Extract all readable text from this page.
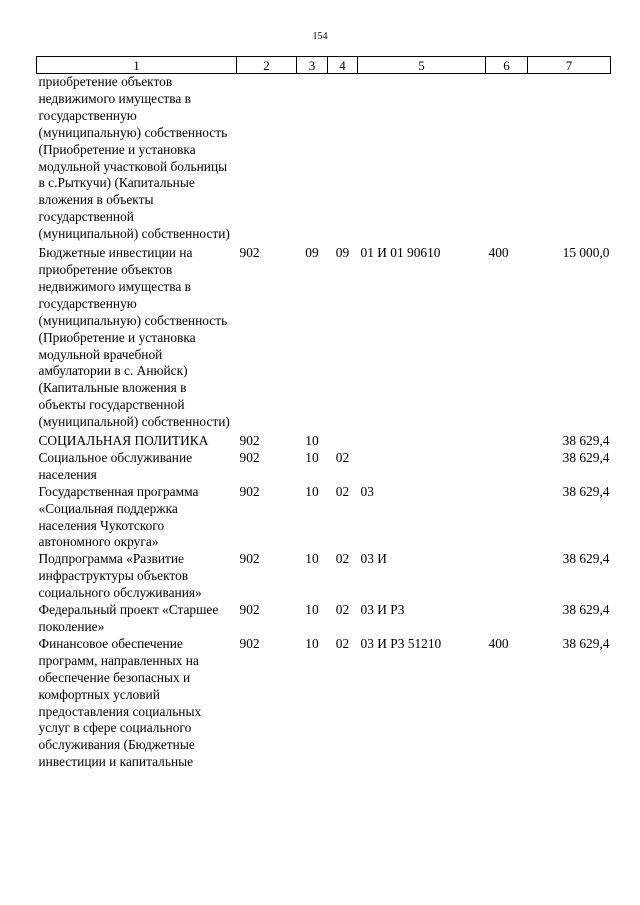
154
1	2	3	4	5	6	7
приобретение объектов недвижимого имущества в государственную (муниципальную) собственность (Приобретение и установка модульной участковой больницы в с.Рыткучи) (Капитальные вложения в объекты государственной (муниципальной) собственности)						
Бюджетные инвестиции на приобретение объектов недвижимого имущества в государственную (муниципальную) собственность (Приобретение и установка модульной врачебной амбулатории в с. Анюйск) (Капитальные вложения в объекты государственной (муниципальной) собственности)	902	09	09	01 И 01 90610	400	15 000,0
СОЦИАЛЬНАЯ ПОЛИТИКА	902	10				38 629,4
Социальное обслуживание населения	902	10	02			38 629,4
Государственная программа «Социальная поддержка населения Чукотского автономного округа»	902	10	02	03		38 629,4
Подпрограмма «Развитие инфраструктуры объектов социального обслуживания»	902	10	02	03 И		38 629,4
Федеральный проект «Старшее поколение»	902	10	02	03 И Р3		38 629,4
Финансовое обеспечение программ, направленных на обеспечение безопасных и комфортных условий предоставления социальных услуг в сфере социального обслуживания (Бюджетные инвестиции и капитальные	902	10	02	03 И Р3 51210	400	38 629,4
